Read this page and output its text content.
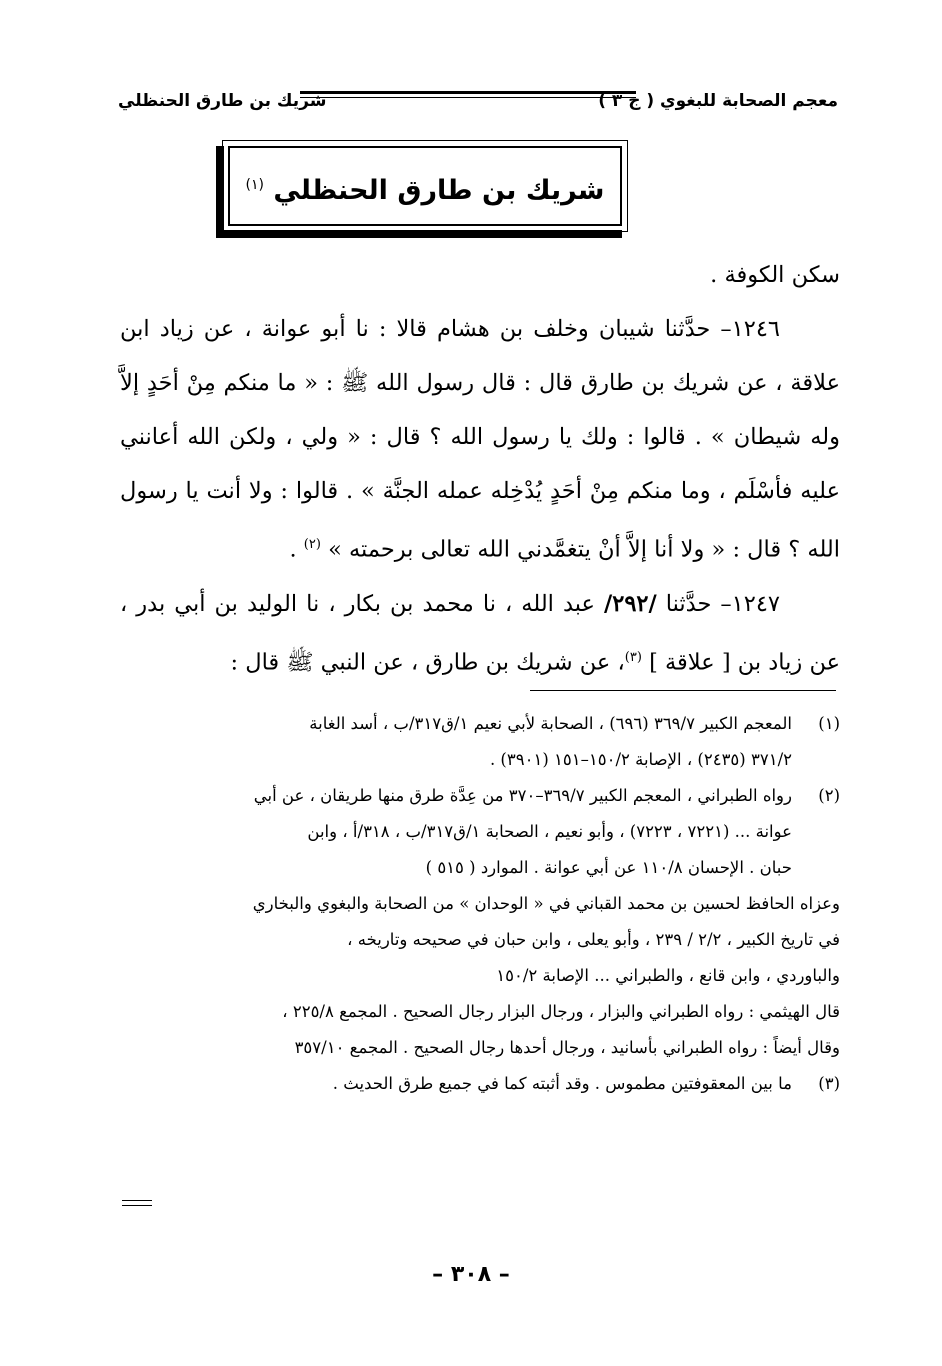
معجم الصحابة للبغوي ( ج ٣ )
شريك بن طارق الحنظلي
شريك بن طارق الحنظلي $^{(١)}$

سكن الكوفة .

١٢٤٦– حدَّثنا شيبان وخلف بن هشام قالا : نا أبو عوانة ، عن زياد ابن علاقة ، عن شريك بن طارق قال : قال رسول الله ﷺ : « ما منكم مِنْ أحَدٍ إلاَّ وله شيطان » . قالوا : ولك يا رسول الله ؟ قال : « ولي ، ولكن الله أعانني عليه فأسْلَم ، وما منكم مِنْ أحَدٍ يُدْخِله عمله الجنَّة » . قالوا : ولا أنت يا رسول الله ؟ قال : « ولا أنا إلاَّ أنْ يتغمَّدني الله تعالى برحمته » $^{(٢)}$ .

١٢٤٧– حدَّثنا /٢٩٢/ عبد الله ، نا محمد بن بكار ، نا الوليد بن أبي بدر ، عن زياد بن [ علاقة ] $^{(٣)}$، عن شريك بن طارق ، عن النبي ﷺ قال :

(١)
المعجم الكبير ٣٦٩/٧ (٦٩٦) ، الصحابة لأبي نعيم ١/ق٣١٧/ب ، أسد الغابة
٣٧١/٢ (٢٤٣٥) ، الإصابة ١٥٠/٢–١٥١ (٣٩٠١) .
(٢)
رواه الطبراني ، المعجم الكبير ٣٦٩/٧–٣٧٠ من عِدَّة طرق منها طريقان ، عن أبي
عوانة ... (٧٢٢١ ، ٧٢٢٣) ، وأبو نعيم ، الصحابة ١/ق٣١٧/ب ، ٣١٨/أ ، وابن
حبان . الإحسان ١١٠/٨ عن أبي عوانة . الموارد ( ٥١٥ )
وعزاه الحافظ لحسين بن محمد القباني في « الوحدان » من الصحابة والبغوي والبخاري
في تاريخ الكبير ، ٢/٢ / ٢٣٩ ، وأبو يعلى ، وابن حبان في صحيحه وتاريخه ،
والباوردي ، وابن قانع ، والطبراني ... الإصابة ١٥٠/٢
قال الهيثمي : رواه الطبراني والبزار ، ورجال البزار رجال الصحيح . المجمع ٢٢٥/٨ ،
وقال أيضاً : رواه الطبراني بأسانيد ، ورجال أحدها رجال الصحيح . المجمع ٣٥٧/١٠
(٣)
ما بين المعقوفتين مطموس . وقد أثبته كما في جميع طرق الحديث .
– ٣٠٨ –
